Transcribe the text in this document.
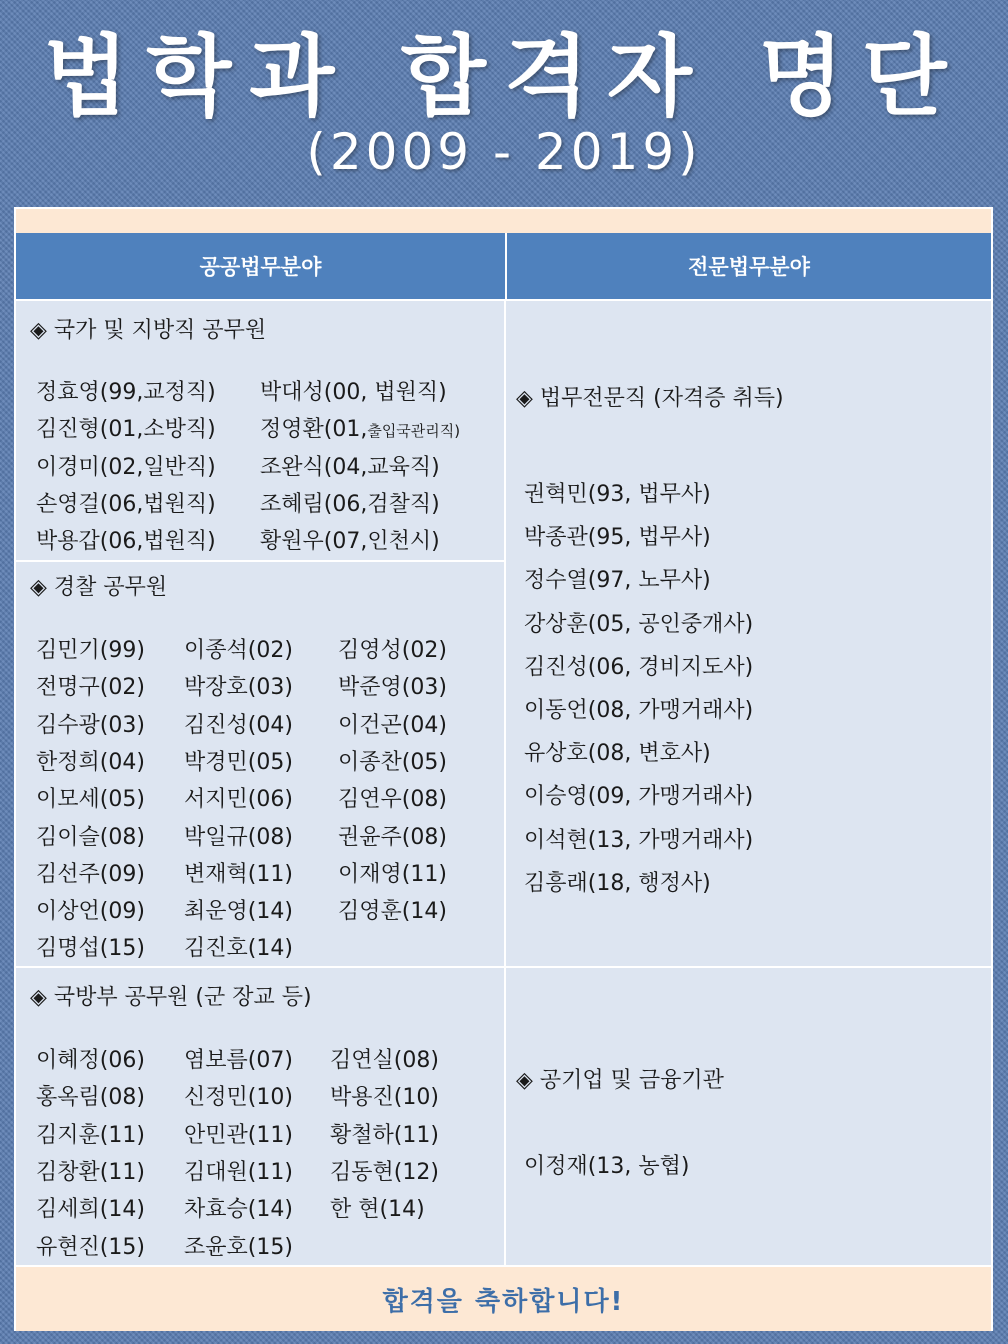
법학과 합격자 명단
(2009 - 2019)
공공법무분야	전문법무분야
◈ 국가 및 지방직 공무원
정효영(99,교정직) 박대성(00, 법원직)
김진형(01,소방직) 정영환(01,출입국관리직)
이경미(02,일반직) 조완식(04,교육직)
손영걸(06,법원직) 조혜림(06,검찰직)
박용갑(06,법원직) 황원우(07,인천시)
◈ 경찰 공무원
김민기(99) 이종석(02) 김영성(02)
전명구(02) 박장호(03) 박준영(03)
김수광(03) 김진성(04) 이건곤(04)
한정희(04) 박경민(05) 이종찬(05)
이모세(05) 서지민(06) 김연우(08)
김이슬(08) 박일규(08) 권윤주(08)
김선주(09) 변재혁(11) 이재영(11)
이상언(09) 최운영(14) 김영훈(14)
김명섭(15) 김진호(14)
◈ 국방부 공무원 (군 장교 등)
이혜정(06) 염보름(07) 김연실(08)
홍옥림(08) 신정민(10) 박용진(10)
김지훈(11) 안민관(11) 황철하(11)
김창환(11) 김대원(11) 김동현(12)
김세희(14) 차효승(14) 한 현(14)
유현진(15) 조윤호(15)
◈ 법무전문직 (자격증 취득)
권혁민(93, 법무사)
박종관(95, 법무사)
정수열(97, 노무사)
강상훈(05, 공인중개사)
김진성(06, 경비지도사)
이동언(08, 가맹거래사)
유상호(08, 변호사)
이승영(09, 가맹거래사)
이석현(13, 가맹거래사)
김흥래(18, 행정사)
◈ 공기업 및 금융기관
이정재(13, 농협)
합격을 축하합니다!
